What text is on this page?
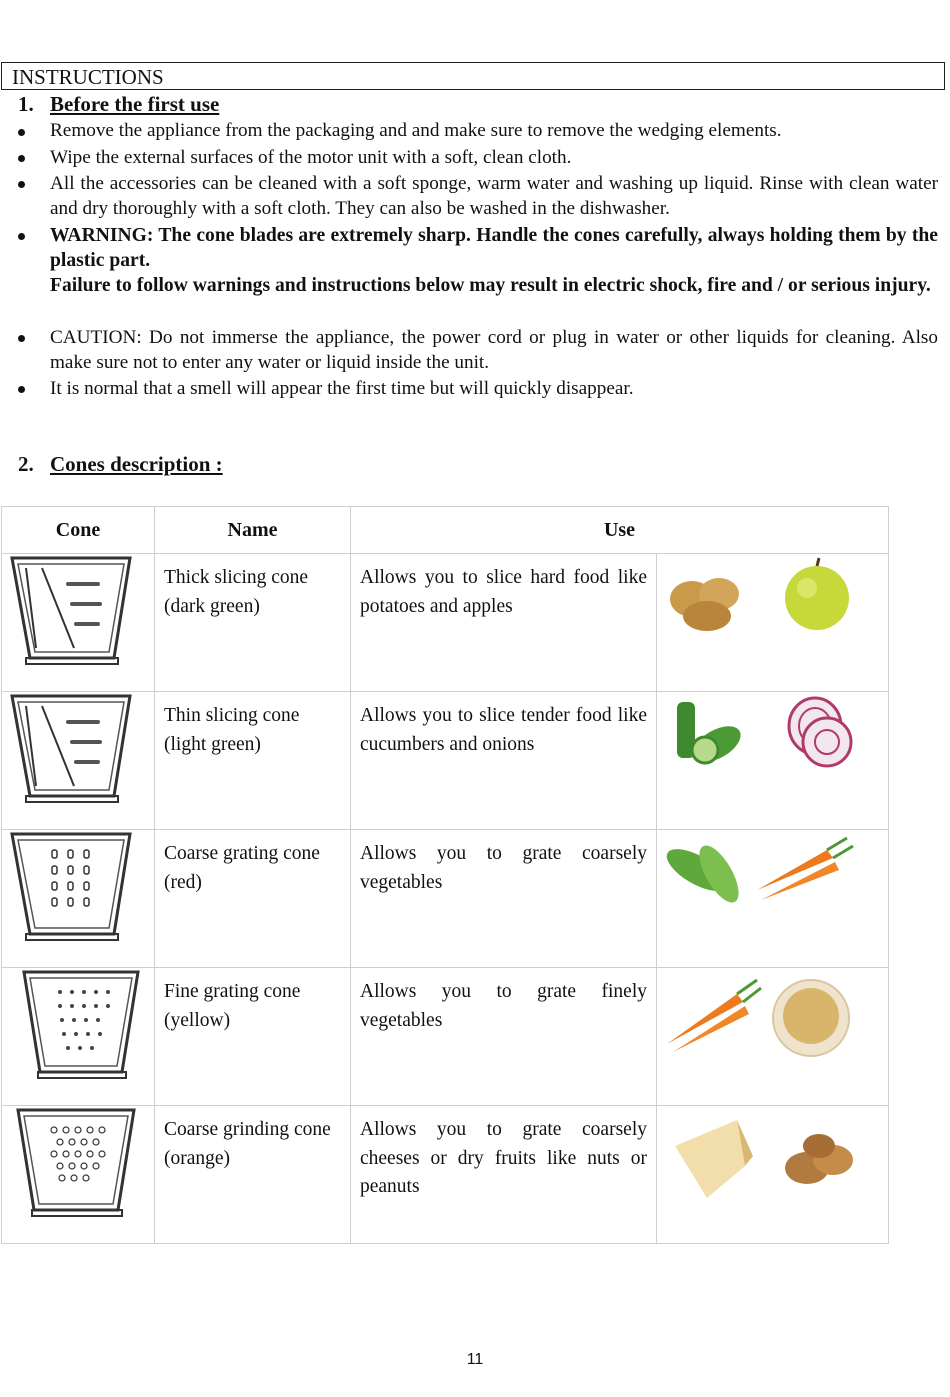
INSTRUCTIONS
1. Before the first use
Remove the appliance from the packaging and and make sure to remove the wedging elements.
Wipe the external surfaces of the motor unit with a soft, clean cloth.
All the accessories can be cleaned with a soft sponge, warm water and washing up liquid. Rinse with clean water and dry thoroughly with a soft cloth. They can also be washed in the dishwasher.
WARNING: The cone blades are extremely sharp. Handle the cones carefully, always holding them by the plastic part.
Failure to follow warnings and instructions below may result in electric shock, fire and / or serious injury.
CAUTION: Do not immerse the appliance, the power cord or plug in water or other liquids for cleaning. Also make sure not to enter any water or liquid inside the unit.
It is normal that a smell will appear the first time but will quickly disappear.
2. Cones description :
Cone	Name	Use	
	Thick slicing cone (dark green)	Allows you to slice hard food like potatoes and apples	
	Thin slicing cone (light green)	Allows you to slice tender food like cucumbers and onions	
	Coarse grating cone (red)	Allows you to grate coarsely vegetables	
	Fine grating cone (yellow)	Allows you to grate finely vegetables	
	Coarse grinding cone (orange)	Allows you to grate coarsely cheeses or dry fruits like nuts or peanuts	
11
